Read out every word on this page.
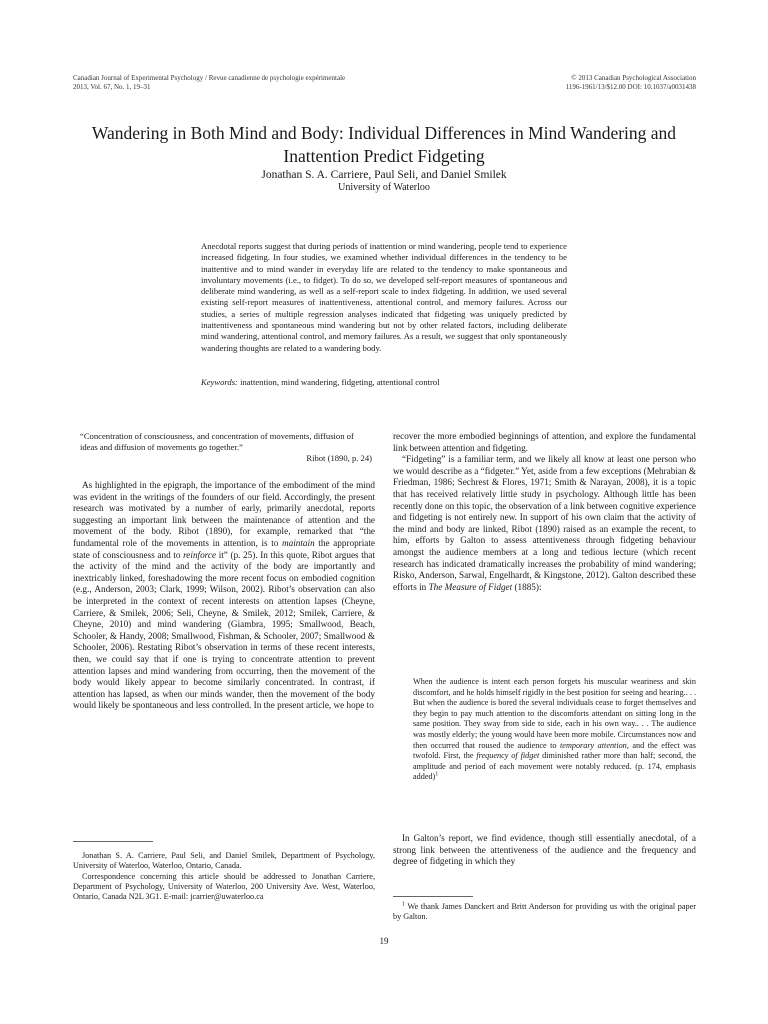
Canadian Journal of Experimental Psychology / Revue canadienne de psychologie expérimentale
2013, Vol. 67, No. 1, 19–31
© 2013 Canadian Psychological Association
1196-1961/13/$12.00 DOI: 10.1037/a0031438
Wandering in Both Mind and Body: Individual Differences in Mind Wandering and Inattention Predict Fidgeting
Jonathan S. A. Carriere, Paul Seli, and Daniel Smilek
University of Waterloo
Anecdotal reports suggest that during periods of inattention or mind wandering, people tend to experience increased fidgeting. In four studies, we examined whether individual differences in the tendency to be inattentive and to mind wander in everyday life are related to the tendency to make spontaneous and involuntary movements (i.e., to fidget). To do so, we developed self-report measures of spontaneous and deliberate mind wandering, as well as a self-report scale to index fidgeting. In addition, we used several existing self-report measures of inattentiveness, attentional control, and memory failures. Across our studies, a series of multiple regression analyses indicated that fidgeting was uniquely predicted by inattentiveness and spontaneous mind wandering but not by other related factors, including deliberate mind wandering, attentional control, and memory failures. As a result, we suggest that only spontaneously wandering thoughts are related to a wandering body.
Keywords: inattention, mind wandering, fidgeting, attentional control
“Concentration of consciousness, and concentration of movements, diffusion of ideas and diffusion of movements go together.”
Ribot (1890, p. 24)

As highlighted in the epigraph, the importance of the embodiment of the mind was evident in the writings of the founders of our field. Accordingly, the present research was motivated by a number of early, primarily anecdotal, reports suggesting an important link between the maintenance of attention and the movement of the body. Ribot (1890), for example, remarked that “the fundamental role of the movements in attention, is to maintain the appropriate state of consciousness and to reinforce it” (p. 25). In this quote, Ribot argues that the activity of the mind and the activity of the body are importantly and inextricably linked, foreshadowing the more recent focus on embodied cognition (e.g., Anderson, 2003; Clark, 1999; Wilson, 2002). Ribot’s observation can also be interpreted in the context of recent interests on attention lapses (Cheyne, Carriere, & Smilek, 2006; Seli, Cheyne, & Smilek, 2012; Smilek, Carriere, & Cheyne, 2010) and mind wandering (Giambra, 1995; Smallwood, Beach, Schooler, & Handy, 2008; Smallwood, Fishman, & Schooler, 2007; Smallwood & Schooler, 2006). Restating Ribot’s observation in terms of these recent interests, then, we could say that if one is trying to concentrate attention to prevent attention lapses and mind wandering from occurring, then the movement of the body would likely appear to become similarly concentrated. In contrast, if attention has lapsed, as when our minds wander, then the movement of the body would likely be spontaneous and less controlled. In the present article, we hope to

recover the more embodied beginnings of attention, and explore the fundamental link between attention and fidgeting.

“Fidgeting” is a familiar term, and we likely all know at least one person who we would describe as a “fidgeter.” Yet, aside from a few exceptions (Mehrabian & Friedman, 1986; Sechrest & Flores, 1971; Smith & Narayan, 2008), it is a topic that has received relatively little study in psychology. Although little has been recently done on this topic, the observation of a link between cognitive experience and fidgeting is not entirely new. In support of his own claim that the activity of the mind and body are linked, Ribot (1890) raised as an example the recent, to him, efforts by Galton to assess attentiveness through fidgeting behaviour amongst the audience members at a long and tedious lecture (which recent research has indicated dramatically increases the probability of mind wandering; Risko, Anderson, Sarwal, Engelhardt, & Kingstone, 2012). Galton described these efforts in The Measure of Fidget (1885):

When the audience is intent each person forgets his muscular weariness and skin discomfort, and he holds himself rigidly in the best position for seeing and hearing.. . . But when the audience is bored the several individuals cease to forget themselves and they begin to pay much attention to the discomforts attendant on sitting long in the same position. They sway from side to side, each in his own way.. . . The audience was mostly elderly; the young would have been more mobile. Circumstances now and then occurred that roused the audience to temporary attention, and the effect was twofold. First, the frequency of fidget diminished rather more than half; second, the amplitude and period of each movement were notably reduced. (p. 174, emphasis added)$^1$

In Galton’s report, we find evidence, though still essentially anecdotal, of a strong link between the attentiveness of the audience and the frequency and degree of fidgeting in which they

Jonathan S. A. Carriere, Paul Seli, and Daniel Smilek, Department of Psychology, University of Waterloo, Waterloo, Ontario, Canada.

Correspondence concerning this article should be addressed to Jonathan Carriere, Department of Psychology, University of Waterloo, 200 University Ave. West, Waterloo, Ontario, Canada N2L 3G1. E-mail: jcarrier@uwaterloo.ca

$^1$ We thank James Danckert and Britt Anderson for providing us with the original paper by Galton.
19
